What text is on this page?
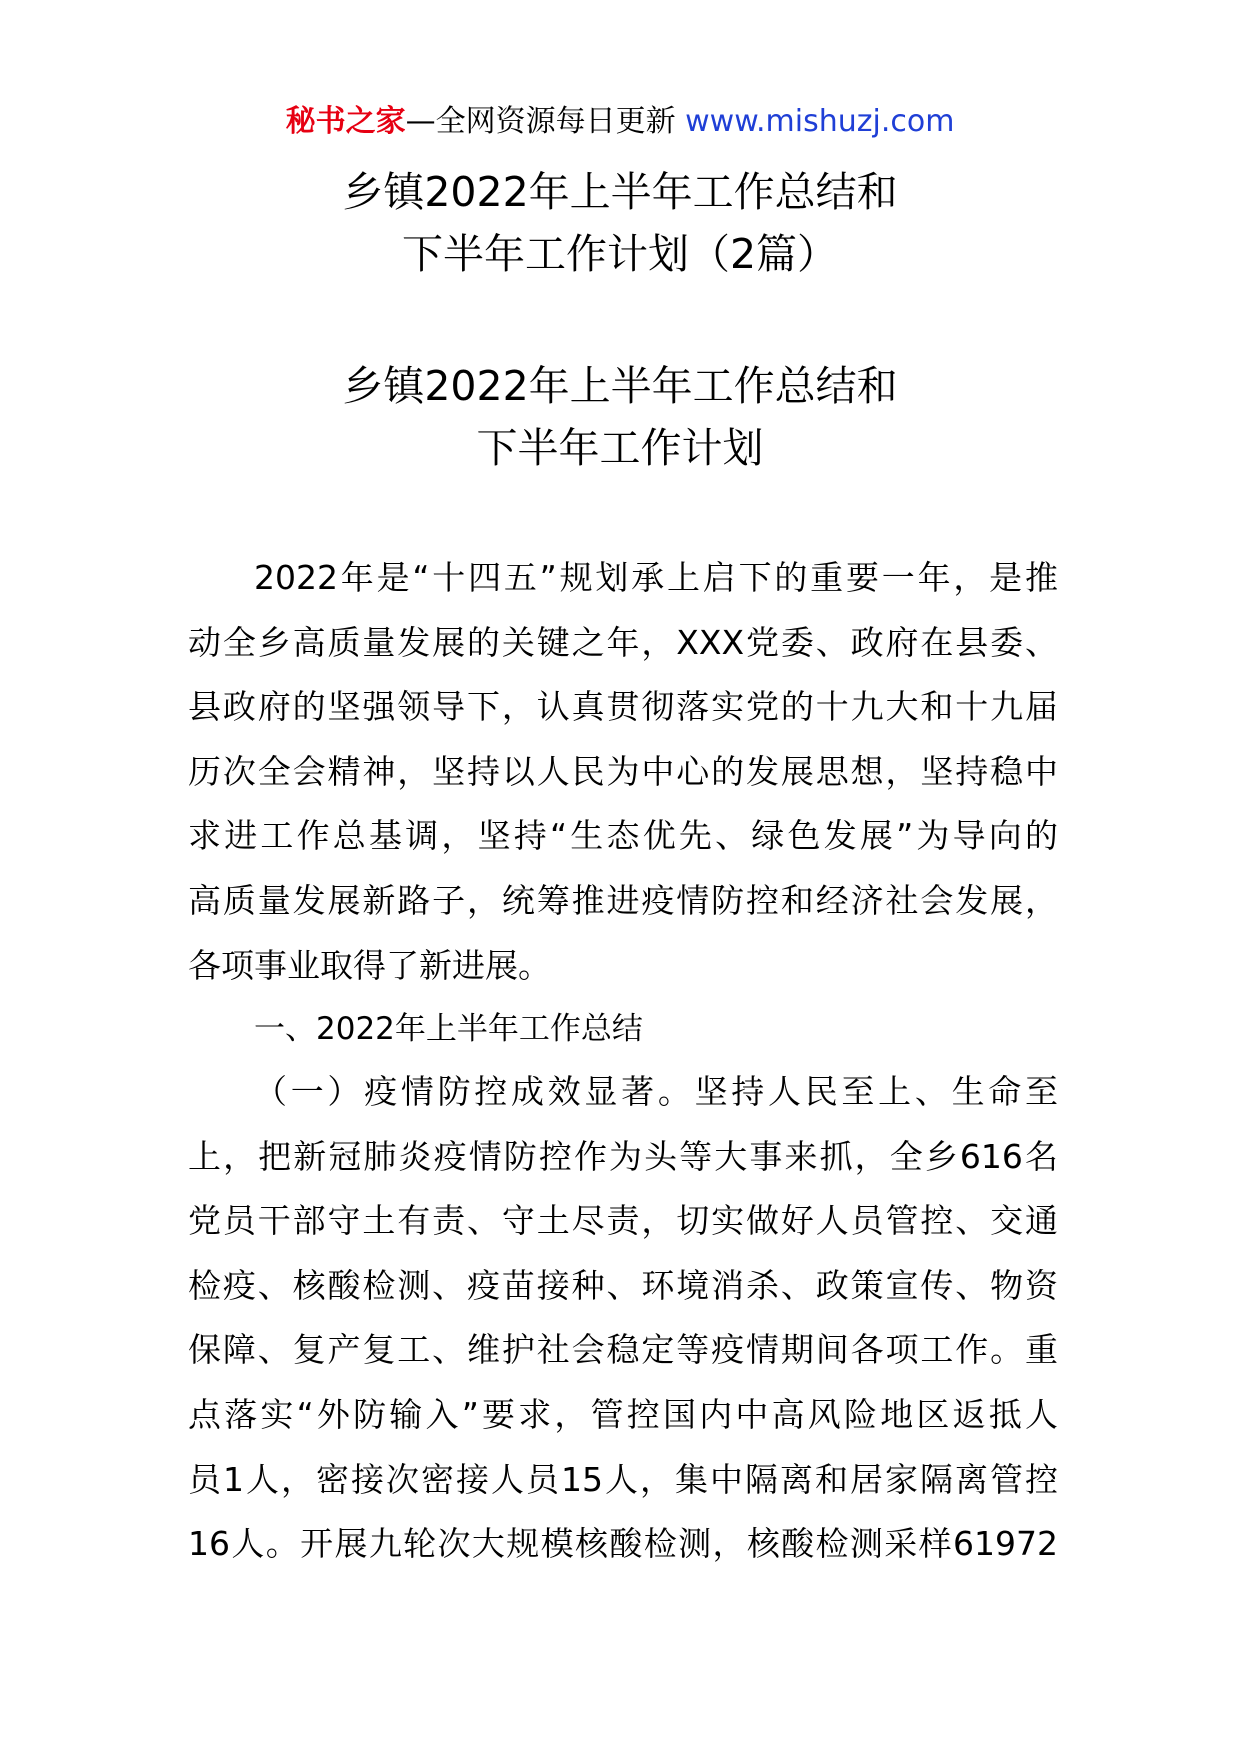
秘书之家—全网资源每日更新 www.mishuzj.com
乡镇2022年上半年工作总结和
下半年工作计划（2篇）
乡镇2022年上半年工作总结和
下半年工作计划
2022年是“十四五”规划承上启下的重要一年，是推
动全乡高质量发展的关键之年，XXX党委、政府在县委、
县政府的坚强领导下，认真贯彻落实党的十九大和十九届
历次全会精神，坚持以人民为中心的发展思想，坚持稳中
求进工作总基调，坚持“生态优先、绿色发展”为导向的
高质量发展新路子，统筹推进疫情防控和经济社会发展，
各项事业取得了新进展。
一、2022年上半年工作总结
（一）疫情防控成效显著。坚持人民至上、生命至
上，把新冠肺炎疫情防控作为头等大事来抓，全乡616名
党员干部守土有责、守土尽责，切实做好人员管控、交通
检疫、核酸检测、疫苗接种、环境消杀、政策宣传、物资
保障、复产复工、维护社会稳定等疫情期间各项工作。重
点落实“外防输入”要求，管控国内中高风险地区返抵人
员1人，密接次密接人员15人，集中隔离和居家隔离管控
16人。开展九轮次大规模核酸检测，核酸检测采样61972
